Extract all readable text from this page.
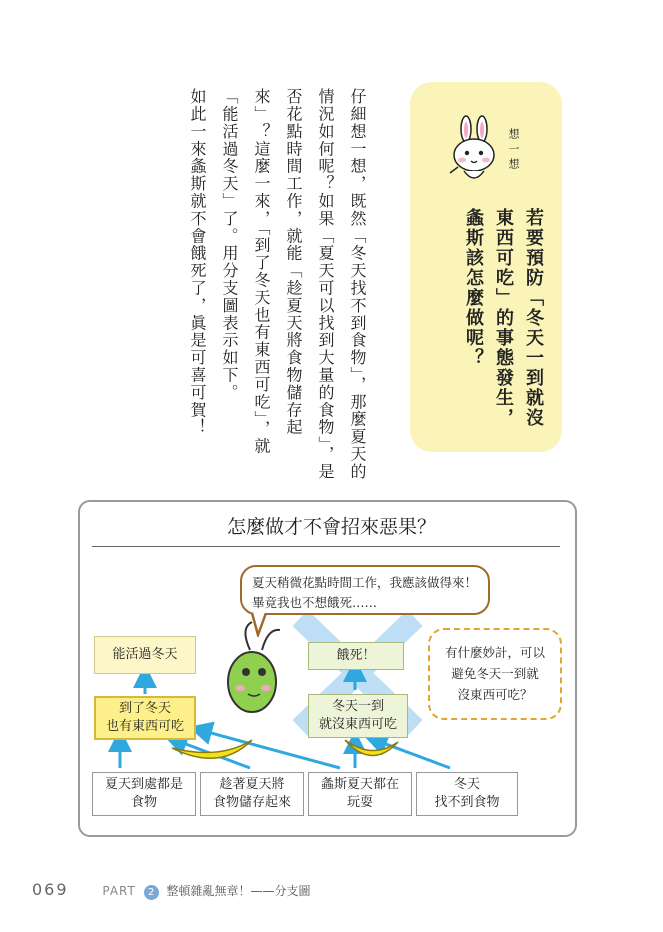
仔細想一想，既然「冬天找不到食物」，那麼夏天的情況如何呢？如果「夏天可以找到大量的食物」，是否花點時間工作，就能「趁夏天將食物儲存起來」？這麼一來，「到了冬天也有東西可吃」，就「能活過冬天」了。用分支圖表示如下。

如此一來螽斯就不會餓死了，眞是可喜可賀！	想一想
若要預防「冬天一到就沒東西可吃」的事態發生，螽斯該怎麼做呢？
怎麼做才不會招來惡果？
夏天稍微花點時間工作，我應該做得來！畢竟我也不想餓死……
有什麼妙計，可以
避免冬天一到就
沒東西可吃？
能活過冬天
到了冬天
也有東西可吃
餓死！
冬天一到
就沒東西可吃
夏天到處都是
食物
趁著夏天將
食物儲存起來
螽斯夏天都在
玩耍
冬天
找不到食物
069	PART 2 整頓雜亂無章！——分支圖
